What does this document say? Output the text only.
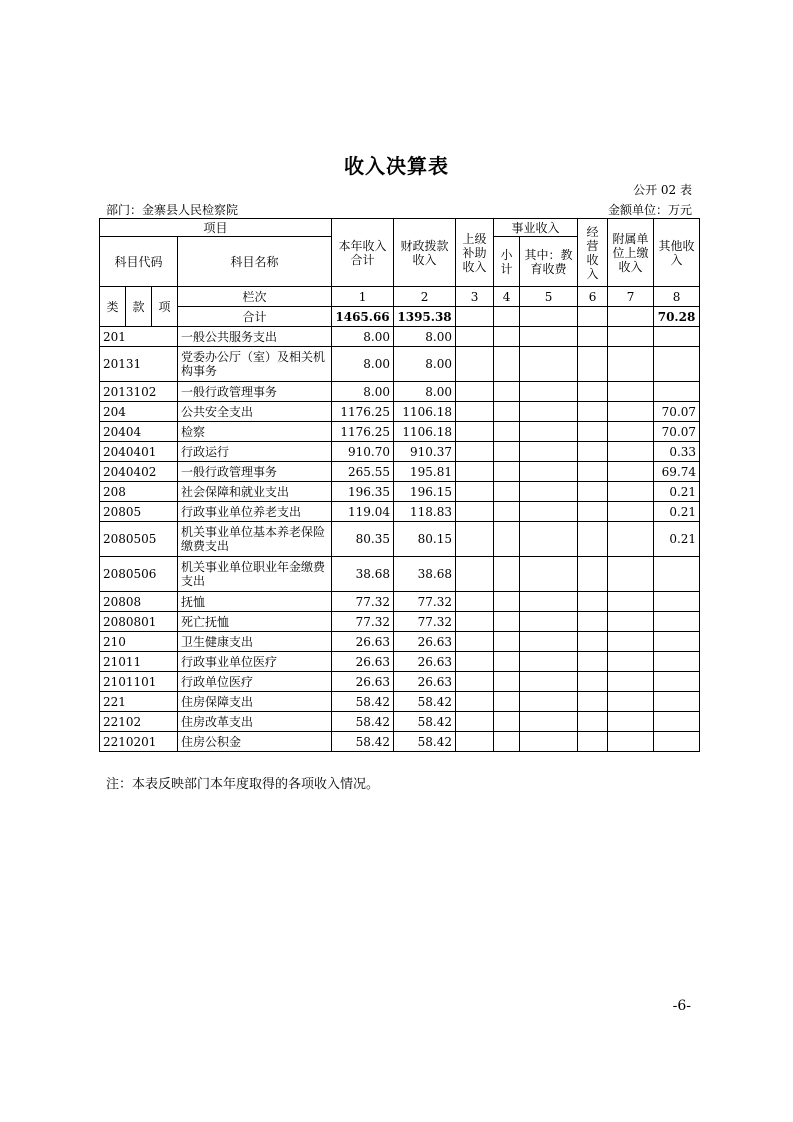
收入决算表
公开 02 表
部门：金寨县人民检察院	金额单位：万元
项目				本年收入合计	财政拨款收入	上级补助收入	事业收入		经营收入	附属单位上缴收入	其他收入
科目代码			科目名称				小计	其中：教育收费			

类	款	项	栏次	1	2	3	4	5	6	7	8
			合计	1465.66	1395.38						70.28
201			一般公共服务支出	8.00	8.00						
20131			党委办公厅（室）及相关机构事务	8.00	8.00						
2013102			一般行政管理事务	8.00	8.00						
204			公共安全支出	1176.25	1106.18						70.07
20404			检察	1176.25	1106.18						70.07
2040401			行政运行	910.70	910.37						0.33
2040402			一般行政管理事务	265.55	195.81						69.74
208			社会保障和就业支出	196.35	196.15						0.21
20805			行政事业单位养老支出	119.04	118.83						0.21
2080505			机关事业单位基本养老保险缴费支出	80.35	80.15						0.21
2080506			机关事业单位职业年金缴费支出	38.68	38.68						
20808			抚恤	77.32	77.32						
2080801			死亡抚恤	77.32	77.32						
210			卫生健康支出	26.63	26.63						
21011			行政事业单位医疗	26.63	26.63						
2101101			行政单位医疗	26.63	26.63						
221			住房保障支出	58.42	58.42						
22102			住房改革支出	58.42	58.42						
2210201			住房公积金	58.42	58.42						
注：本表反映部门本年度取得的各项收入情况。
-6-
